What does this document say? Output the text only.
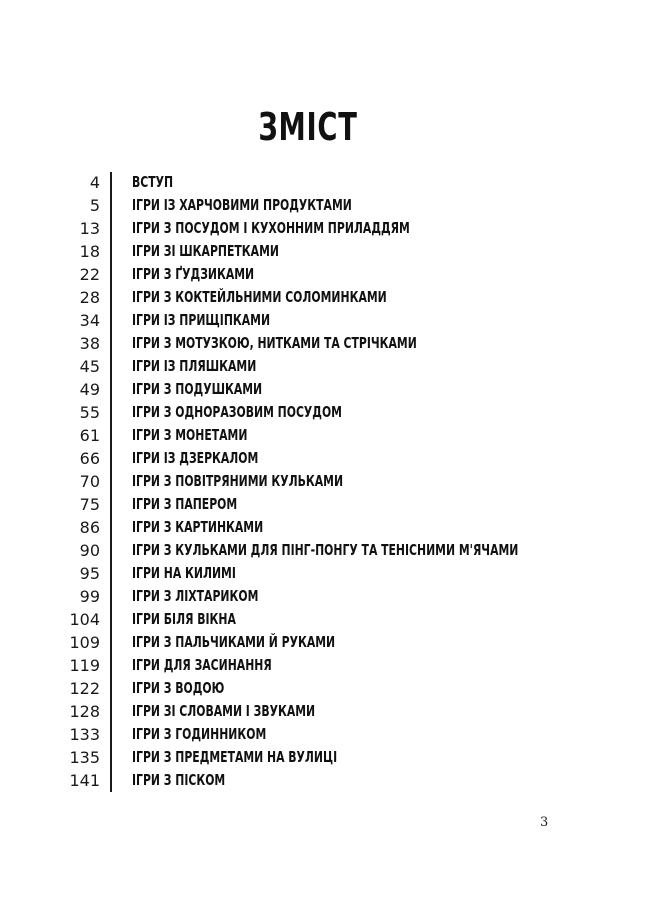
ЗМІСТ
4 ВСТУП
5 ІГРИ ІЗ ХАРЧОВИМИ ПРОДУКТАМИ
13 ІГРИ З ПОСУДОМ І КУХОННИМ ПРИЛАДДЯМ
18 ІГРИ ЗІ ШКАРПЕТКАМИ
22 ІГРИ З ҐУДЗИКАМИ
28 ІГРИ З КОКТЕЙЛЬНИМИ СОЛОМИНКАМИ
34 ІГРИ ІЗ ПРИЩІПКАМИ
38 ІГРИ З МОТУЗКОЮ, НИТКАМИ ТА СТРІЧКАМИ
45 ІГРИ ІЗ ПЛЯШКАМИ
49 ІГРИ З ПОДУШКАМИ
55 ІГРИ З ОДНОРАЗОВИМ ПОСУДОМ
61 ІГРИ З МОНЕТАМИ
66 ІГРИ ІЗ ДЗЕРКАЛОМ
70 ІГРИ З ПОВІТРЯНИМИ КУЛЬКАМИ
75 ІГРИ З ПАПЕРОМ
86 ІГРИ З КАРТИНКАМИ
90 ІГРИ З КУЛЬКАМИ ДЛЯ ПІНГ-ПОНГУ ТА ТЕНІСНИМИ М'ЯЧАМИ
95 ІГРИ НА КИЛИМІ
99 ІГРИ З ЛІХТАРИКОМ
104 ІГРИ БІЛЯ ВІКНА
109 ІГРИ З ПАЛЬЧИКАМИ Й РУКАМИ
119 ІГРИ ДЛЯ ЗАСИНАННЯ
122 ІГРИ З ВОДОЮ
128 ІГРИ ЗІ СЛОВАМИ І ЗВУКАМИ
133 ІГРИ З ГОДИННИКОМ
135 ІГРИ З ПРЕДМЕТАМИ НА ВУЛИЦІ
141 ІГРИ З ПІСКОМ
3
